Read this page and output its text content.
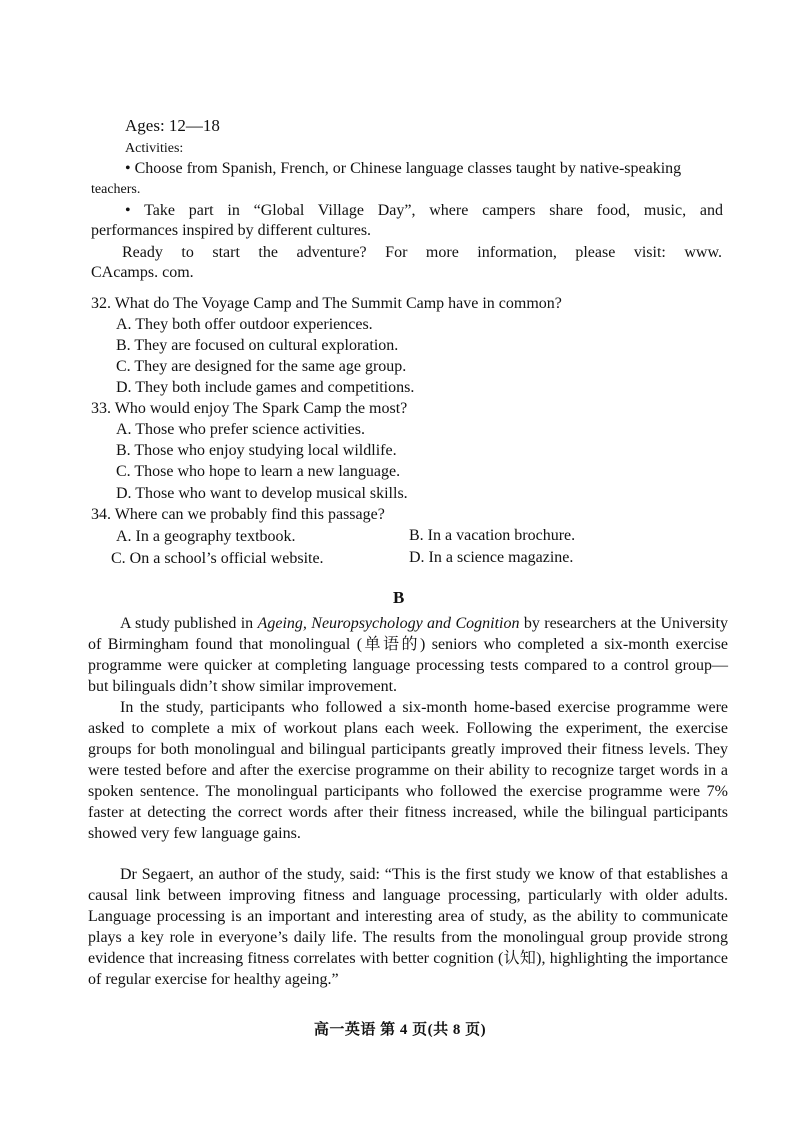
Ages: 12—18
Activities:
• Choose from Spanish, French, or Chinese language classes taught by native-speaking
teachers.
• Take part in “Global Village Day”, where campers share food, music, and
performances inspired by different cultures.
Ready to start the adventure? For more information, please visit: www.
CAcamps. com.
32. What do The Voyage Camp and The Summit Camp have in common?
A. They both offer outdoor experiences.
B. They are focused on cultural exploration.
C. They are designed for the same age group.
D. They both include games and competitions.
33. Who would enjoy The Spark Camp the most?
A. Those who prefer science activities.
B. Those who enjoy studying local wildlife.
C. Those who hope to learn a new language.
D. Those who want to develop musical skills.
34. Where can we probably find this passage?
A. In a geography textbook.	B. In a vacation brochure.
C. On a school’s official website.	D. In a science magazine.
B

A study published in Ageing, Neuropsychology and Cognition by researchers at the University of Birmingham found that monolingual (单语的) seniors who completed a six-month exercise programme were quicker at completing language processing tests compared to a control group—but bilinguals didn’t show similar improvement.

In the study, participants who followed a six-month home-based exercise programme were asked to complete a mix of workout plans each week. Following the experiment, the exercise groups for both monolingual and bilingual participants greatly improved their fitness levels. They were tested before and after the exercise programme on their ability to recognize target words in a spoken sentence. The monolingual participants who followed the exercise programme were 7% faster at detecting the correct words after their fitness increased, while the bilingual participants showed very few language gains.

Dr Segaert, an author of the study, said: “This is the first study we know of that establishes a causal link between improving fitness and language processing, particularly with older adults. Language processing is an important and interesting area of study, as the ability to communicate plays a key role in everyone’s daily life. The results from the monolingual group provide strong evidence that increasing fitness correlates with better cognition (认知), highlighting the importance of regular exercise for healthy ageing.”

高一英语 第 4 页(共 8 页)
